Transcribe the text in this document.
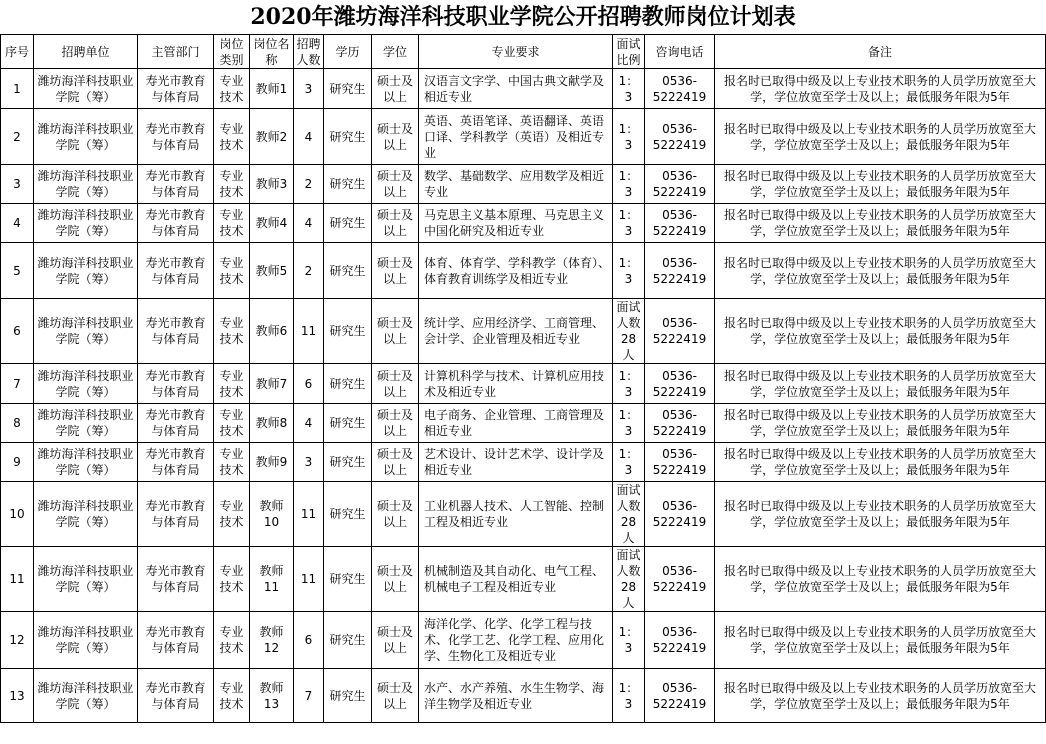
2020年潍坊海洋科技职业学院公开招聘教师岗位计划表
序号	招聘单位	主管部门	岗位类别	岗位名称	招聘人数	学历	学位	专业要求	面试比例	咨询电话	备注
1	潍坊海洋科技职业学院（筹）	寿光市教育与体育局	专业技术	教师1	3	研究生	硕士及以上	汉语言文字学、中国古典文献学及相近专业	1：3	0536-5222419	报名时已取得中级及以上专业技术职务的人员学历放宽至大学，学位放宽至学士及以上；最低服务年限为5年
2	潍坊海洋科技职业学院（筹）	寿光市教育与体育局	专业技术	教师2	4	研究生	硕士及以上	英语、英语笔译、英语翻译、英语口译、学科教学（英语）及相近专业	1：3	0536-5222419	报名时已取得中级及以上专业技术职务的人员学历放宽至大学，学位放宽至学士及以上；最低服务年限为5年
3	潍坊海洋科技职业学院（筹）	寿光市教育与体育局	专业技术	教师3	2	研究生	硕士及以上	数学、基础数学、应用数学及相近专业	1：3	0536-5222419	报名时已取得中级及以上专业技术职务的人员学历放宽至大学，学位放宽至学士及以上；最低服务年限为5年
4	潍坊海洋科技职业学院（筹）	寿光市教育与体育局	专业技术	教师4	4	研究生	硕士及以上	马克思主义基本原理、马克思主义中国化研究及相近专业	1：3	0536-5222419	报名时已取得中级及以上专业技术职务的人员学历放宽至大学，学位放宽至学士及以上；最低服务年限为5年
5	潍坊海洋科技职业学院（筹）	寿光市教育与体育局	专业技术	教师5	2	研究生	硕士及以上	体育、体育学、学科教学（体育）、体育教育训练学及相近专业	1：3	0536-5222419	报名时已取得中级及以上专业技术职务的人员学历放宽至大学，学位放宽至学士及以上；最低服务年限为5年
6	潍坊海洋科技职业学院（筹）	寿光市教育与体育局	专业技术	教师6	11	研究生	硕士及以上	统计学、应用经济学、工商管理、会计学、企业管理及相近专业	面试人数28人	0536-5222419	报名时已取得中级及以上专业技术职务的人员学历放宽至大学，学位放宽至学士及以上；最低服务年限为5年
7	潍坊海洋科技职业学院（筹）	寿光市教育与体育局	专业技术	教师7	6	研究生	硕士及以上	计算机科学与技术、计算机应用技术及相近专业	1：3	0536-5222419	报名时已取得中级及以上专业技术职务的人员学历放宽至大学，学位放宽至学士及以上；最低服务年限为5年
8	潍坊海洋科技职业学院（筹）	寿光市教育与体育局	专业技术	教师8	4	研究生	硕士及以上	电子商务、企业管理、工商管理及相近专业	1：3	0536-5222419	报名时已取得中级及以上专业技术职务的人员学历放宽至大学，学位放宽至学士及以上；最低服务年限为5年
9	潍坊海洋科技职业学院（筹）	寿光市教育与体育局	专业技术	教师9	3	研究生	硕士及以上	艺术设计、设计艺术学、设计学及相近专业	1：3	0536-5222419	报名时已取得中级及以上专业技术职务的人员学历放宽至大学，学位放宽至学士及以上；最低服务年限为5年
10	潍坊海洋科技职业学院（筹）	寿光市教育与体育局	专业技术	教师10	11	研究生	硕士及以上	工业机器人技术、人工智能、控制工程及相近专业	面试人数28人	0536-5222419	报名时已取得中级及以上专业技术职务的人员学历放宽至大学，学位放宽至学士及以上；最低服务年限为5年
11	潍坊海洋科技职业学院（筹）	寿光市教育与体育局	专业技术	教师11	11	研究生	硕士及以上	机械制造及其自动化、电气工程、机械电子工程及相近专业	面试人数28人	0536-5222419	报名时已取得中级及以上专业技术职务的人员学历放宽至大学，学位放宽至学士及以上；最低服务年限为5年
12	潍坊海洋科技职业学院（筹）	寿光市教育与体育局	专业技术	教师12	6	研究生	硕士及以上	海洋化学、化学、化学工程与技术、化学工艺、化学工程、应用化学、生物化工及相近专业	1：3	0536-5222419	报名时已取得中级及以上专业技术职务的人员学历放宽至大学，学位放宽至学士及以上；最低服务年限为5年
13	潍坊海洋科技职业学院（筹）	寿光市教育与体育局	专业技术	教师13	7	研究生	硕士及以上	水产、水产养殖、水生生物学、海洋生物学及相近专业	1：3	0536-5222419	报名时已取得中级及以上专业技术职务的人员学历放宽至大学，学位放宽至学士及以上；最低服务年限为5年
